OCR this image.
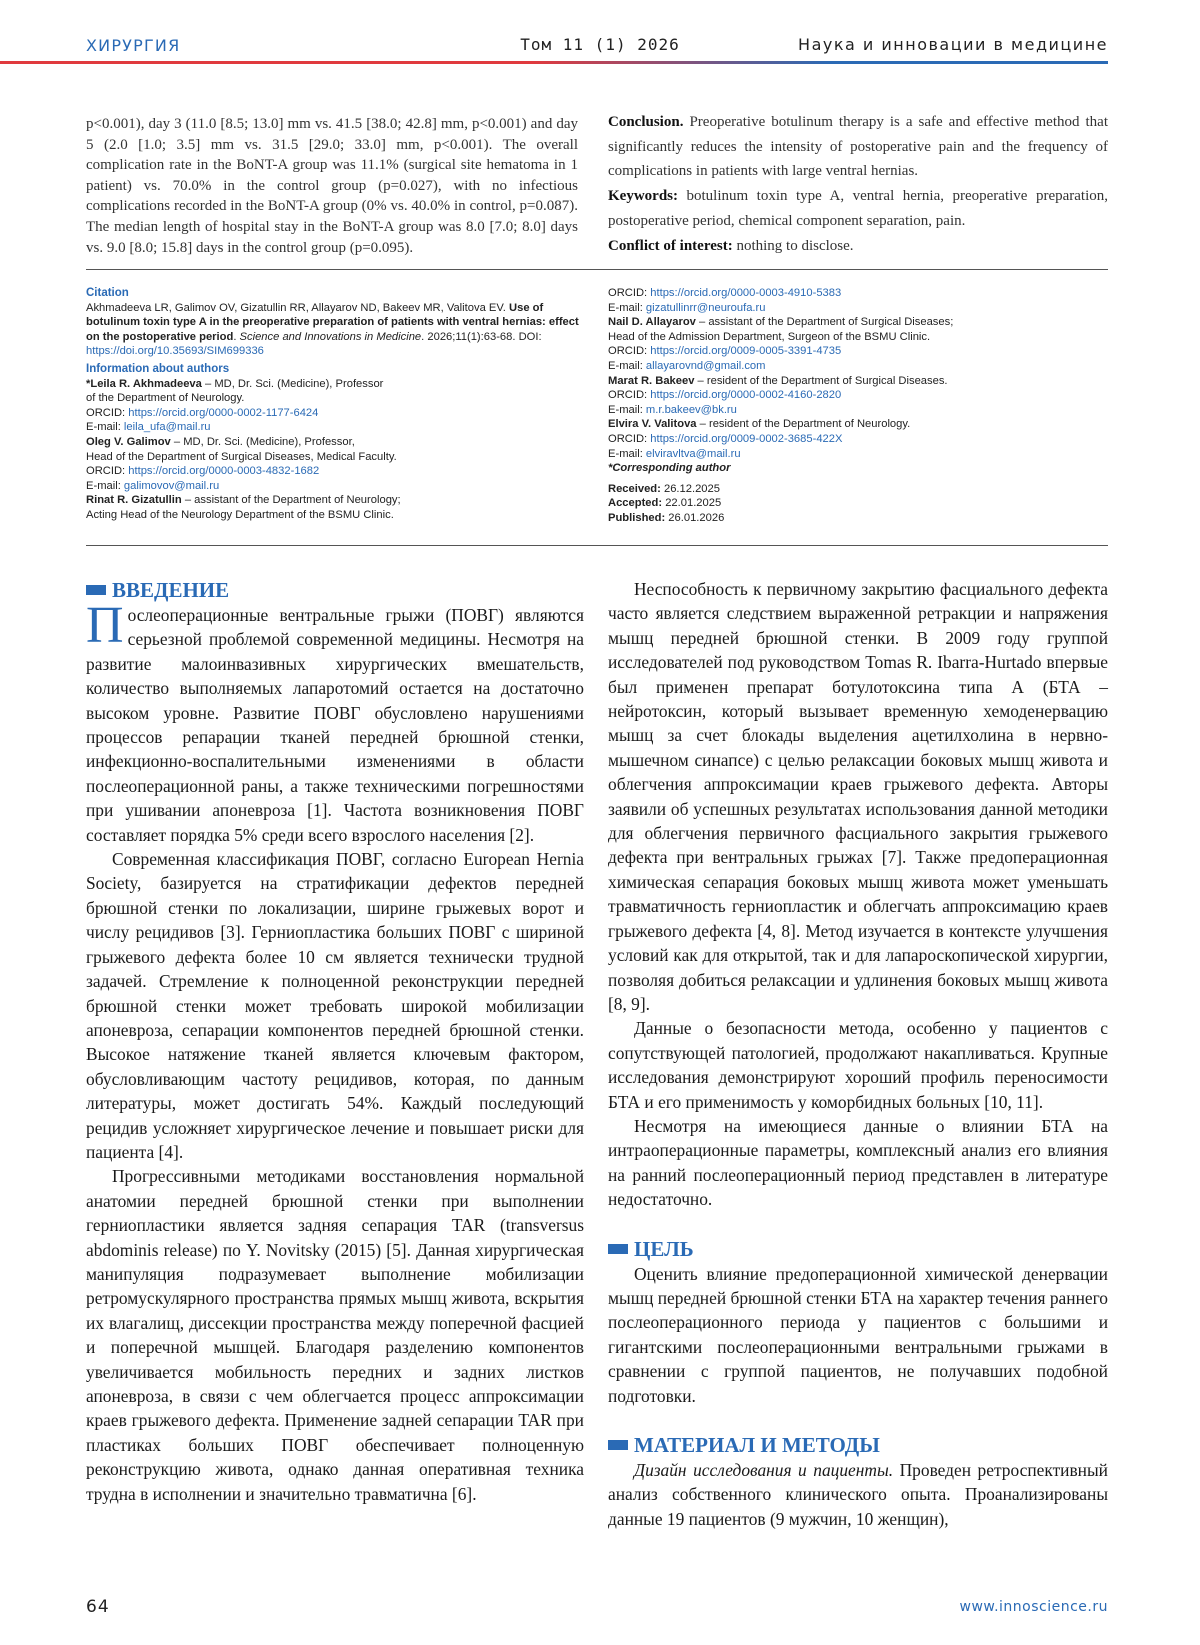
ХИРУРГИЯ	Том 11 (1) 2026	Наука и инновации в медицине

p<0.001), day 3 (11.0 [8.5; 13.0] mm vs. 41.5 [38.0; 42.8] mm, p<0.001) and day 5 (2.0 [1.0; 3.5] mm vs. 31.5 [29.0; 33.0] mm, p<0.001). The overall complication rate in the BoNT-A group was 11.1% (surgical site hematoma in 1 patient) vs. 70.0% in the control group (p=0.027), with no infectious complications recorded in the BoNT-A group (0% vs. 40.0% in control, p=0.087). The median length of hospital stay in the BoNT-A group was 8.0 [7.0; 8.0] days vs. 9.0 [8.0; 15.8] days in the control group (p=0.095).

Conclusion. Preoperative botulinum therapy is a safe and effective method that significantly reduces the intensity of postoperative pain and the frequency of complications in patients with large ventral hernias.

Keywords: botulinum toxin type A, ventral hernia, preoperative preparation, postoperative period, chemical component separation, pain.

Conflict of interest: nothing to disclose.

Citation

Akhmadeeva LR, Galimov OV, Gizatullin RR, Allayarov ND, Bakeev MR, Valitova EV. Use of botulinum toxin type A in the preoperative preparation of patients with ventral hernias: effect on the postoperative period. Science and Innovations in Medicine. 2026;11(1):63-68. DOI: https://doi.org/10.35693/SIM699336

Information about authors

*Leila R. Akhmadeeva – MD, Dr. Sci. (Medicine), Professor

of the Department of Neurology.

ORCID: https://orcid.org/0000-0002-1177-6424

E-mail: leila_ufa@mail.ru

Oleg V. Galimov – MD, Dr. Sci. (Medicine), Professor,

Head of the Department of Surgical Diseases, Medical Faculty.

ORCID: https://orcid.org/0000-0003-4832-1682

E-mail: galimovov@mail.ru

Rinat R. Gizatullin – assistant of the Department of Neurology;

Acting Head of the Neurology Department of the BSMU Clinic.

ORCID: https://orcid.org/0000-0003-4910-5383

E-mail: gizatullinrr@neuroufa.ru

Nail D. Allayarov – assistant of the Department of Surgical Diseases;

Head of the Admission Department, Surgeon of the BSMU Clinic.

ORCID: https://orcid.org/0009-0005-3391-4735

E-mail: allayarovnd@gmail.com

Marat R. Bakeev – resident of the Department of Surgical Diseases.

ORCID: https://orcid.org/0000-0002-4160-2820

E-mail: m.r.bakeev@bk.ru

Elvira V. Valitova – resident of the Department of Neurology.

ORCID: https://orcid.org/0009-0002-3685-422X

E-mail: elviravltva@mail.ru

*Corresponding author

Received: 26.12.2025

Accepted: 22.01.2025

Published: 26.01.2026

ВВЕДЕНИЕ

Послеоперационные вентральные грыжи (ПОВГ) являются серьезной проблемой современной медицины. Несмотря на развитие малоинвазивных хирургических вмешательств, количество выполняемых лапаротомий остается на достаточно высоком уровне. Развитие ПОВГ обусловлено нарушениями процессов репарации тканей передней брюшной стенки, инфекционно-воспалительными изменениями в области послеоперационной раны, а также техническими погрешностями при ушивании апоневроза [1]. Частота возникновения ПОВГ составляет порядка 5% среди всего взрослого населения [2].

Современная классификация ПОВГ, согласно European Hernia Society, базируется на стратификации дефектов передней брюшной стенки по локализации, ширине грыжевых ворот и числу рецидивов [3]. Герниопластика больших ПОВГ с шириной грыжевого дефекта более 10 см является технически трудной задачей. Стремление к полноценной реконструкции передней брюшной стенки может требовать широкой мобилизации апоневроза, сепарации компонентов передней брюшной стенки. Высокое натяжение тканей является ключевым фактором, обусловливающим частоту рецидивов, которая, по данным литературы, может достигать 54%. Каждый последующий рецидив усложняет хирургическое лечение и повышает риски для пациента [4].

Прогрессивными методиками восстановления нормальной анатомии передней брюшной стенки при выполнении герниопластики является задняя сепарация TAR (transversus abdominis release) по Y. Novitsky (2015) [5]. Данная хирургическая манипуляция подразумевает выполнение мобилизации ретромускулярного пространства прямых мышц живота, вскрытия их влагалищ, диссекции пространства между поперечной фасцией и поперечной мышцей. Благодаря разделению компонентов увеличивается мобильность передних и задних листков апоневроза, в связи с чем облегчается процесс аппроксимации краев грыжевого дефекта. Применение задней сепарации TAR при пластиках больших ПОВГ обеспечивает полноценную реконструкцию живота, однако данная оперативная техника трудна в исполнении и значительно травматична [6].

Неспособность к первичному закрытию фасциального дефекта часто является следствием выраженной ретракции и напряжения мышц передней брюшной стенки. В 2009 году группой исследователей под руководством Tomas R. Ibarra-Hurtado впервые был применен препарат ботулотоксина типа А (БТА – нейротоксин, который вызывает временную хемоденервацию мышц за счет блокады выделения ацетилхолина в нервно-мышечном синапсе) с целью релаксации боковых мышц живота и облегчения аппроксимации краев грыжевого дефекта. Авторы заявили об успешных результатах использования данной методики для облегчения первичного фасциального закрытия грыжевого дефекта при вентральных грыжах [7]. Также предоперационная химическая сепарация боковых мышц живота может уменьшать травматичность герниопластик и облегчать аппроксимацию краев грыжевого дефекта [4, 8]. Метод изучается в контексте улучшения условий как для открытой, так и для лапароскопической хирургии, позволяя добиться релаксации и удлинения боковых мышц живота [8, 9].

Данные о безопасности метода, особенно у пациентов с сопутствующей патологией, продолжают накапливаться. Крупные исследования демонстрируют хороший профиль переносимости БТА и его применимость у коморбидных больных [10, 11].

Несмотря на имеющиеся данные о влиянии БТА на интраоперационные параметры, комплексный анализ его влияния на ранний послеоперационный период представлен в литературе недостаточно.

ЦЕЛЬ

Оценить влияние предоперационной химической денервации мышц передней брюшной стенки БТА на характер течения раннего послеоперационного периода у пациентов с большими и гигантскими послеоперационными вентральными грыжами в сравнении с группой пациентов, не получавших подобной подготовки.

МАТЕРИАЛ И МЕТОДЫ

Дизайн исследования и пациенты. Проведен ретроспективный анализ собственного клинического опыта. Проанализированы данные 19 пациентов (9 мужчин, 10 женщин),

64	www.innoscience.ru
